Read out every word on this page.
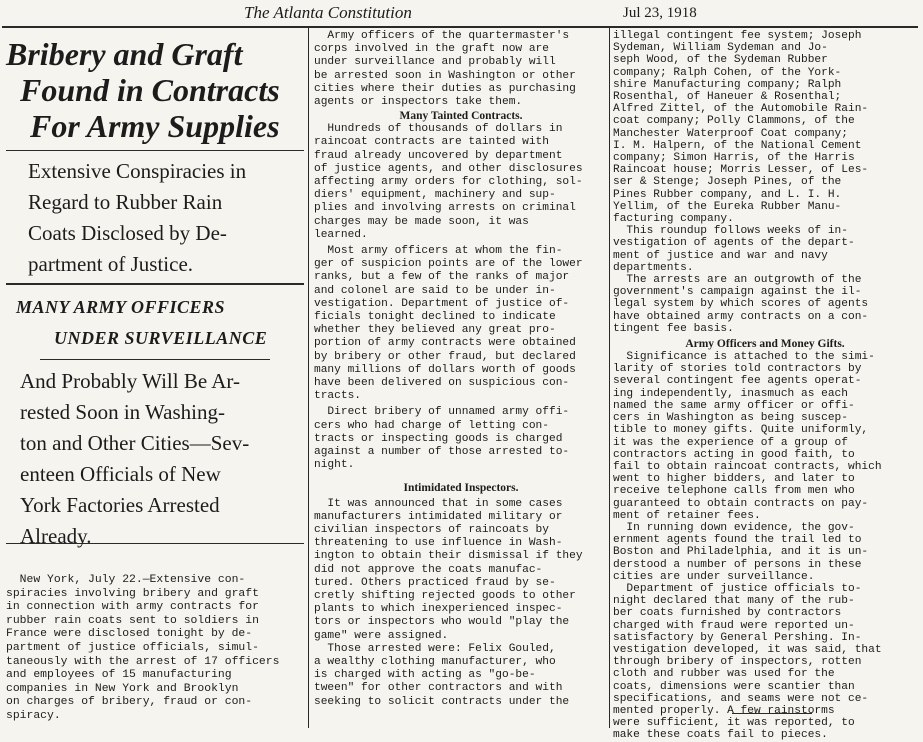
The Atlanta Constitution	Jul 23, 1918
Bribery and Graft
Found in Contracts
For Army Supplies
Extensive Conspiracies in
Regard to Rubber Rain
Coats Disclosed by De-
partment of Justice.
MANY ARMY OFFICERS
UNDER SURVEILLANCE
And Probably Will Be Ar-
rested Soon in Washing-
ton and Other Cities—Sev-
enteen Officials of New
York Factories Arrested
Already.
New York, July 22.—Extensive con-
spiracies involving bribery and graft
in connection with army contracts for
rubber rain coats sent to soldiers in
France were disclosed tonight by de-
partment of justice officials, simul-
taneously with the arrest of 17 officers
and employees of 15 manufacturing
companies in New York and Brooklyn
on charges of bribery, fraud or con-
spiracy.
Army officers of the quartermaster's
corps involved in the graft now are
under surveillance and probably will
be arrested soon in Washington or other
cities where their duties as purchasing
agents or inspectors take them.
Many Tainted Contracts.
Hundreds of thousands of dollars in
raincoat contracts are tainted with
fraud already uncovered by department
of justice agents, and other disclosures
affecting army orders for clothing, sol-
diers' equipment, machinery and sup-
plies and involving arrests on criminal
charges may be made soon, it was
learned.
Most army officers at whom the fin-
ger of suspicion points are of the lower
ranks, but a few of the ranks of major
and colonel are said to be under in-
vestigation. Department of justice of-
ficials tonight declined to indicate
whether they believed any great pro-
portion of army contracts were obtained
by bribery or other fraud, but declared
many millions of dollars worth of goods
have been delivered on suspicious con-
tracts.
Direct bribery of unnamed army offi-
cers who had charge of letting con-
tracts or inspecting goods is charged
against a number of those arrested to-
night.
Intimidated Inspectors.
It was announced that in some cases
manufacturers intimidated military or
civilian inspectors of raincoats by
threatening to use influence in Wash-
ington to obtain their dismissal if they
did not approve the coats manufac-
tured. Others practiced fraud by se-
cretly shifting rejected goods to other
plants to which inexperienced inspec-
tors or inspectors who would "play the
game" were assigned.
Those arrested were: Felix Gouled,
a wealthy clothing manufacturer, who
is charged with acting as "go-be-
tween" for other contractors and with
seeking to solicit contracts under the
illegal contingent fee system; Joseph
Sydeman, William Sydeman and Jo-
seph Wood, of the Sydeman Rubber
company; Ralph Cohen, of the York-
shire Manufacturing company; Ralph
Rosenthal, of Haneuer & Rosenthal;
Alfred Zittel, of the Automobile Rain-
coat company; Polly Clammons, of the
Manchester Waterproof Coat company;
I. M. Halpern, of the National Cement
company; Simon Harris, of the Harris
Raincoat house; Morris Lesser, of Les-
ser & Stenge; Joseph Pines, of the
Pines Rubber company, and L. I. H.
Yellim, of the Eureka Rubber Manu-
facturing company.
This roundup follows weeks of in-
vestigation of agents of the depart-
ment of justice and war and navy
departments.
The arrests are an outgrowth of the
government's campaign against the il-
legal system by which scores of agents
have obtained army contracts on a con-
tingent fee basis.
Army Officers and Money Gifts.
Significance is attached to the simi-
larity of stories told contractors by
several contingent fee agents operat-
ing independently, inasmuch as each
named the same army officer or offi-
cers in Washington as being suscep-
tible to money gifts. Quite uniformly,
it was the experience of a group of
contractors acting in good faith, to
fail to obtain raincoat contracts, which
went to higher bidders, and later to
receive telephone calls from men who
guaranteed to obtain contracts on pay-
ment of retainer fees.
In running down evidence, the gov-
ernment agents found the trail led to
Boston and Philadelphia, and it is un-
derstood a number of persons in these
cities are under surveillance.
Department of justice officials to-
night declared that many of the rub-
ber coats furnished by contractors
charged with fraud were reported un-
satisfactory by General Pershing. In-
vestigation developed, it was said, that
through bribery of inspectors, rotten
cloth and rubber was used for the
coats, dimensions were scantier than
specifications, and seams were not ce-
mented properly. A few rainstorms
were sufficient, it was reported, to
make these coats fail to pieces.
